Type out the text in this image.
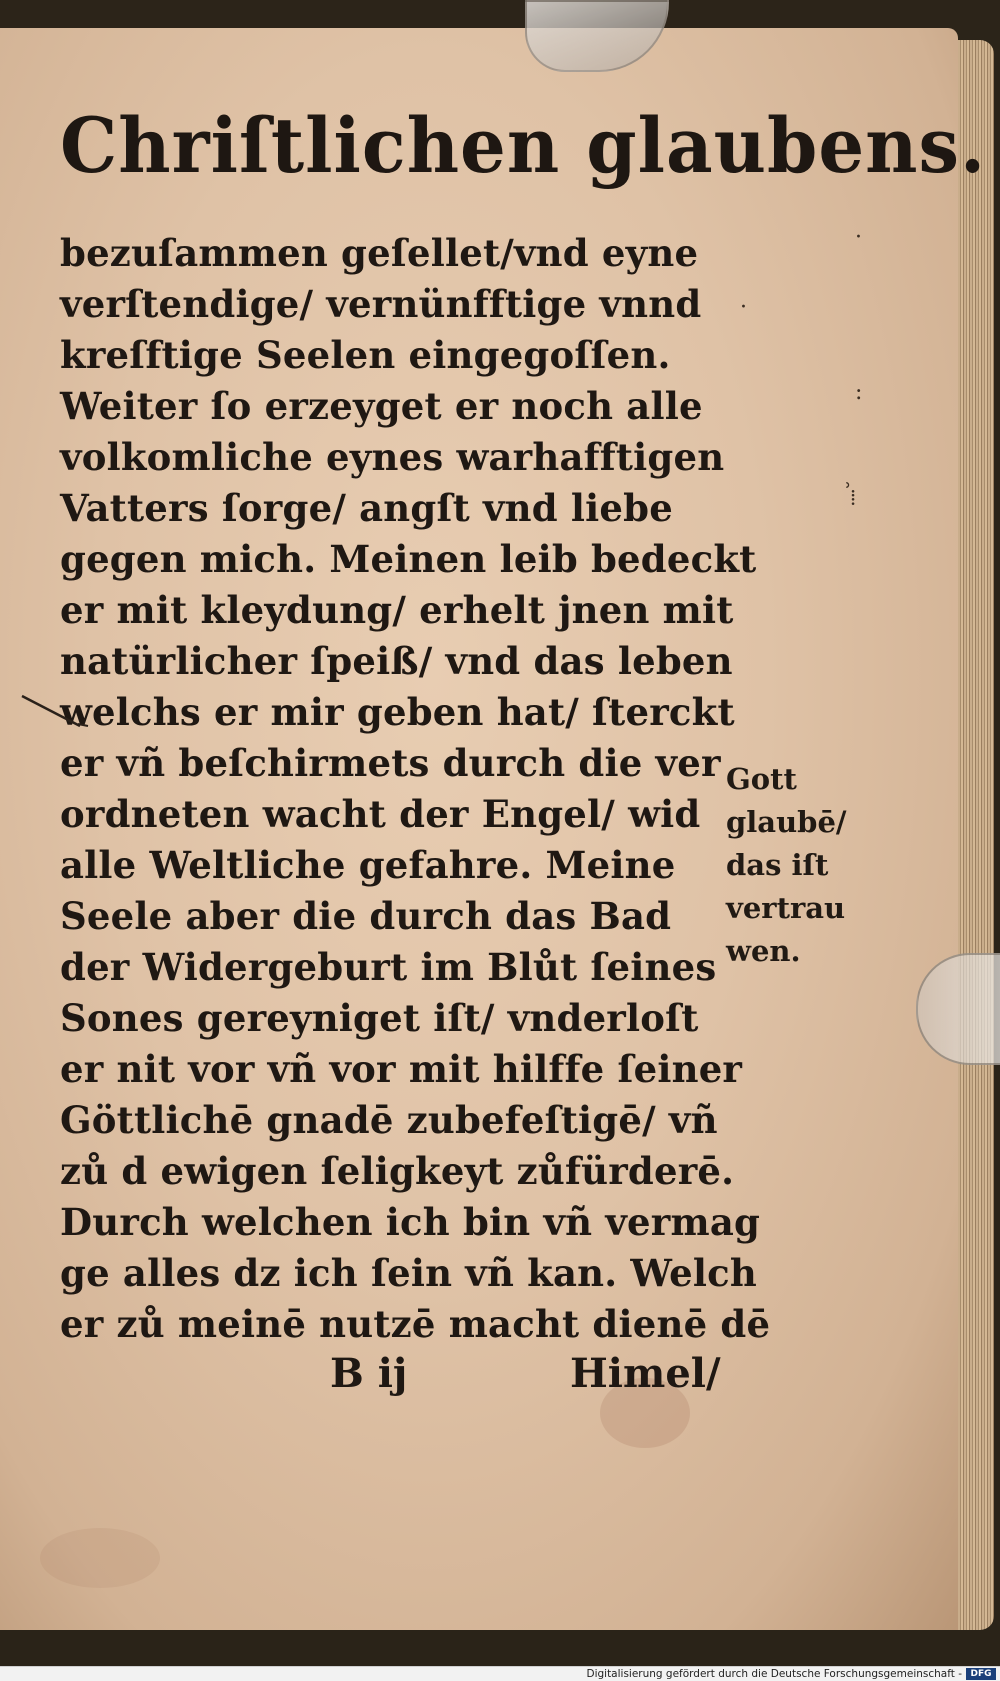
Chriſtlichen glaubens.
bezuſammen geſellet/vnd eyne
verſtendige/ vernünfftige vnnd
kreſftige Seelen eingegoſſen.
Weiter ſo erzeyget er noch alle
volkomliche eynes warhafftigen
Vatters ſorge/ angſt vnd liebe
gegen mich. Meinen leib bedeckt
er mit kleydung/ erhelt jnen mit
natürlicher ſpeiß/ vnd das leben
welchs er mir geben hat/ ſterckt
er vñ beſchirmets durch die ver
ordneten wacht der Engel/ wid
alle Weltliche gefahre. Meine
Seele aber die durch das Bad
der Widergeburt im Blůt ſeines
Sones gereyniget iſt/ vnderloſt
er nit vor vñ vor mit hilffe ſeiner
Göttlichē gnadē zubefeſtigē/ vñ
zů d ewigen ſeligkeyt zůfürderē.
Durch welchen ich bin vñ vermag
ge alles dz ich ſein vñ kan. Welch
er zů meinē nutzē macht dienē dē
B ij	Himel/
Gott
glaubē/
das iſt
vertrau
wen.
·
·
:
ʾ
⁞
Digitalisierung gefördert durch die Deutsche Forschungsgemeinschaft - DFG
